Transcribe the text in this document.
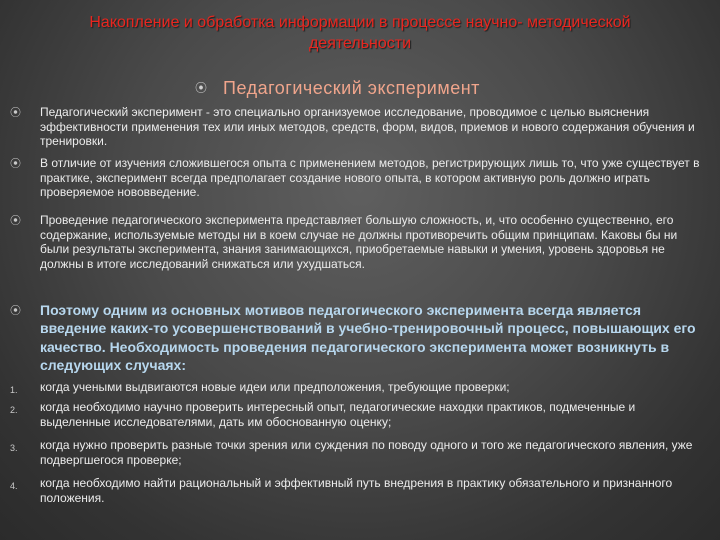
Накопление и обработка информации в процессе научно- методической деятельности
⦿ Педагогический эксперимент
⦿ Педагогический эксперимент - это специально организуемое исследование, проводимое с целью выяснения эффективности применения тех или иных методов, средств, форм, видов, приемов и нового содержания обучения и тренировки.
⦿ В отличие от изучения сложившегося опыта с применением методов, регистрирующих лишь то, что уже существует в практике, эксперимент всегда предполагает создание нового опыта, в котором активную роль должно играть проверяемое нововведение.
⦿ Проведение педагогического эксперимента представляет большую сложность, и, что особенно существенно, его содержание, используемые методы ни в коем случае не должны противоречить общим принципам. Каковы бы ни были результаты эксперимента, знания занимающихся, приобретаемые навыки и умения, уровень здоровья не должны в итоге исследований снижаться или ухудшаться.
⦿ Поэтому одним из основных мотивов педагогического эксперимента всегда является введение каких-то усовершенствований в учебно-тренировочный процесс, повышающих его качество. Необходимость проведения педагогического эксперимента может возникнуть в следующих случаях:
1. когда учеными выдвигаются новые идеи или предположения, требующие проверки;
2. когда необходимо научно проверить интересный опыт, педагогические находки практиков, подмеченные и выделенные исследователями, дать им обоснованную оценку;
3. когда нужно проверить разные точки зрения или суждения по поводу одного и того же педагогического явления, уже подвергшегося проверке;
4. когда необходимо найти рациональный и эффективный путь внедрения в практику обязательного и признанного положения.
